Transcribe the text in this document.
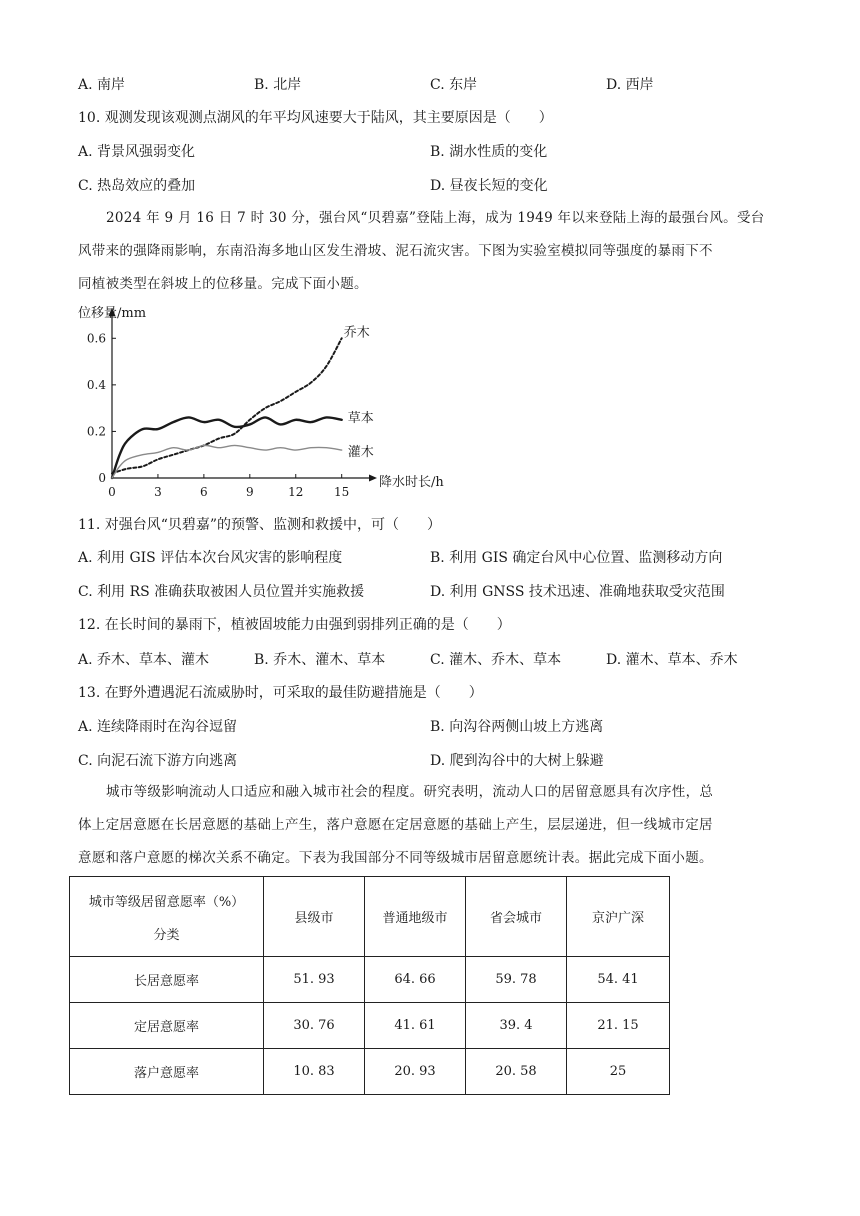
A. 南岸	B. 北岸	C. 东岸	D. 西岸
10. 观测发现该观测点湖风的年平均风速要大于陆风，其主要原因是（　　）
A. 背景风强弱变化	B. 湖水性质的变化
C. 热岛效应的叠加	D. 昼夜长短的变化
2024 年 9 月 16 日 7 时 30 分，强台风“贝碧嘉”登陆上海，成为 1949 年以来登陆上海的最强台风。受台
风带来的强降雨影响，东南沿海多地山区发生滑坡、泥石流灾害。下图为实验室模拟同等强度的暴雨下不
同植被类型在斜坡上的位移量。完成下面小题。
位移量/mm
降水时长/h
0	3	6	9	12	15
0
0.2
0.4
0.6	乔木
草本
灌木
11. 对强台风“贝碧嘉”的预警、监测和救援中，可（　　）
A. 利用 GIS 评估本次台风灾害的影响程度	B. 利用 GIS 确定台风中心位置、监测移动方向
C. 利用 RS 准确获取被困人员位置并实施救援	D. 利用 GNSS 技术迅速、准确地获取受灾范围
12. 在长时间的暴雨下，植被固坡能力由强到弱排列正确的是（　　）
A. 乔木、草本、灌木	B. 乔木、灌木、草本	C. 灌木、乔木、草本	D. 灌木、草本、乔木
13. 在野外遭遇泥石流威胁时，可采取的最佳防避措施是（　　）
A. 连续降雨时在沟谷逗留	B. 向沟谷两侧山坡上方逃离
C. 向泥石流下游方向逃离	D. 爬到沟谷中的大树上躲避
城市等级影响流动人口适应和融入城市社会的程度。研究表明，流动人口的居留意愿具有次序性，总
体上定居意愿在长居意愿的基础上产生，落户意愿在定居意愿的基础上产生，层层递进，但一线城市定居
意愿和落户意愿的梯次关系不确定。下表为我国部分不同等级城市居留意愿统计表。据此完成下面小题。
城市等级居留意愿率（%）
分类	县级市	普通地级市	省会城市	京沪广深
长居意愿率	51. 93	64. 66	59. 78	54. 41
定居意愿率	30. 76	41. 61	39. 4	21. 15
落户意愿率	10. 83	20. 93	20. 58	25
